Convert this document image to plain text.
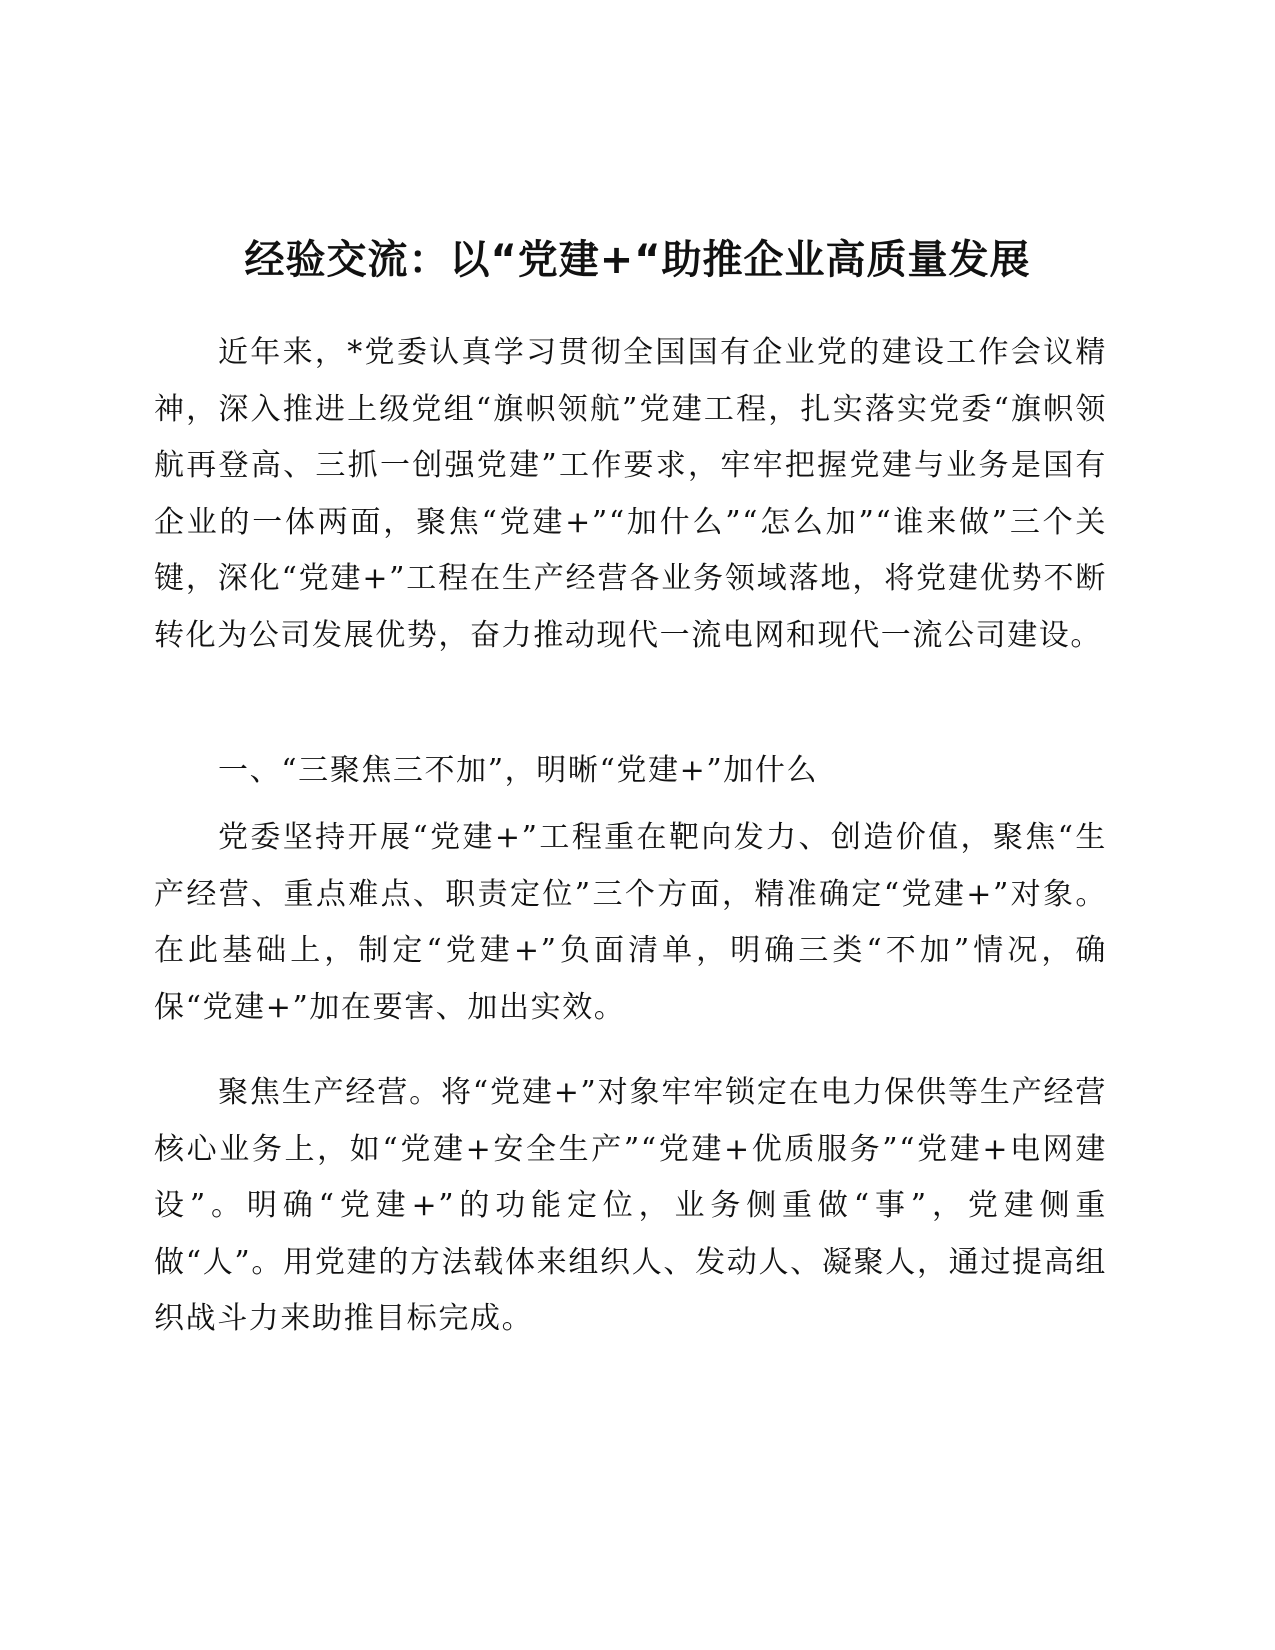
经验交流：以“党建+“助推企业高质量发展

近年来，*党委认真学习贯彻全国国有企业党的建设工作会议精神，深入推进上级党组“旗帜领航”党建工程，扎实落实党委“旗帜领航再登高、三抓一创强党建”工作要求，牢牢把握党建与业务是国有企业的一体两面，聚焦“党建+”“加什么”“怎么加”“谁来做”三个关键，深化“党建+”工程在生产经营各业务领域落地，将党建优势不断转化为公司发展优势，奋力推动现代一流电网和现代一流公司建设。

一、“三聚焦三不加”，明晰“党建+”加什么

党委坚持开展“党建+”工程重在靶向发力、创造价值，聚焦“生产经营、重点难点、职责定位”三个方面，精准确定“党建+”对象。在此基础上，制定“党建+”负面清单，明确三类“不加”情况，确保“党建+”加在要害、加出实效。

聚焦生产经营。将“党建+”对象牢牢锁定在电力保供等生产经营核心业务上，如“党建+安全生产”“党建+优质服务”“党建+电网建设”。明确“党建+”的功能定位，业务侧重做“事”，党建侧重做“人”。用党建的方法载体来组织人、发动人、凝聚人，通过提高组织战斗力来助推目标完成。
